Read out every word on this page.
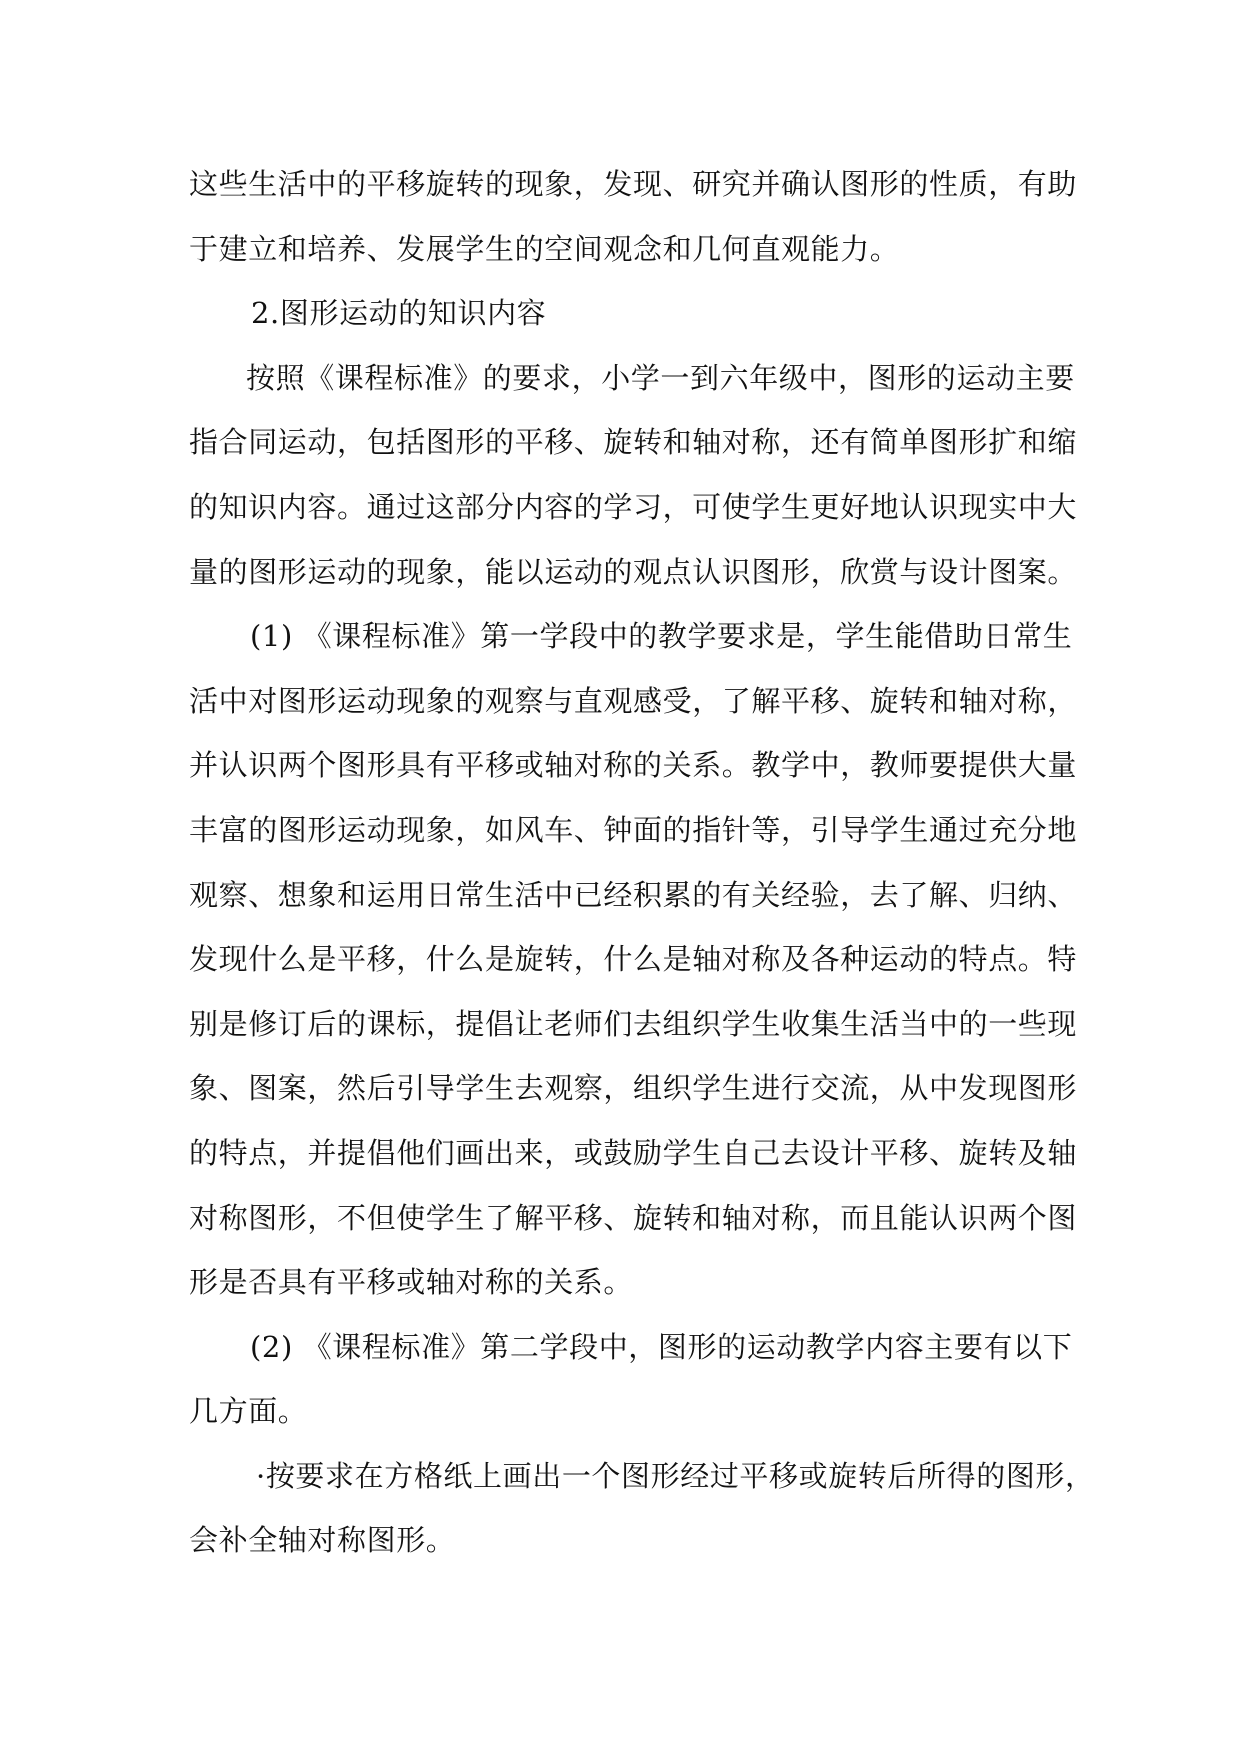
这些生活中的平移旋转的现象，发现、研究并确认图形的性质，有助
于建立和培养、发展学生的空间观念和几何直观能力。
2.图形运动的知识内容
按照《课程标准》的要求，小学一到六年级中，图形的运动主要
指合同运动，包括图形的平移、旋转和轴对称，还有简单图形扩和缩
的知识内容。通过这部分内容的学习，可使学生更好地认识现实中大
量的图形运动的现象，能以运动的观点认识图形，欣赏与设计图案。
(1) 《课程标准》第一学段中的教学要求是，学生能借助日常生
活中对图形运动现象的观察与直观感受，了解平移、旋转和轴对称，
并认识两个图形具有平移或轴对称的关系。教学中，教师要提供大量
丰富的图形运动现象，如风车、钟面的指针等，引导学生通过充分地
观察、想象和运用日常生活中已经积累的有关经验，去了解、归纳、
发现什么是平移，什么是旋转，什么是轴对称及各种运动的特点。特
别是修订后的课标，提倡让老师们去组织学生收集生活当中的一些现
象、图案，然后引导学生去观察，组织学生进行交流，从中发现图形
的特点，并提倡他们画出来，或鼓励学生自己去设计平移、旋转及轴
对称图形，不但使学生了解平移、旋转和轴对称，而且能认识两个图
形是否具有平移或轴对称的关系。
(2) 《课程标准》第二学段中，图形的运动教学内容主要有以下
几方面。
·按要求在方格纸上画出一个图形经过平移或旋转后所得的图形，
会补全轴对称图形。
